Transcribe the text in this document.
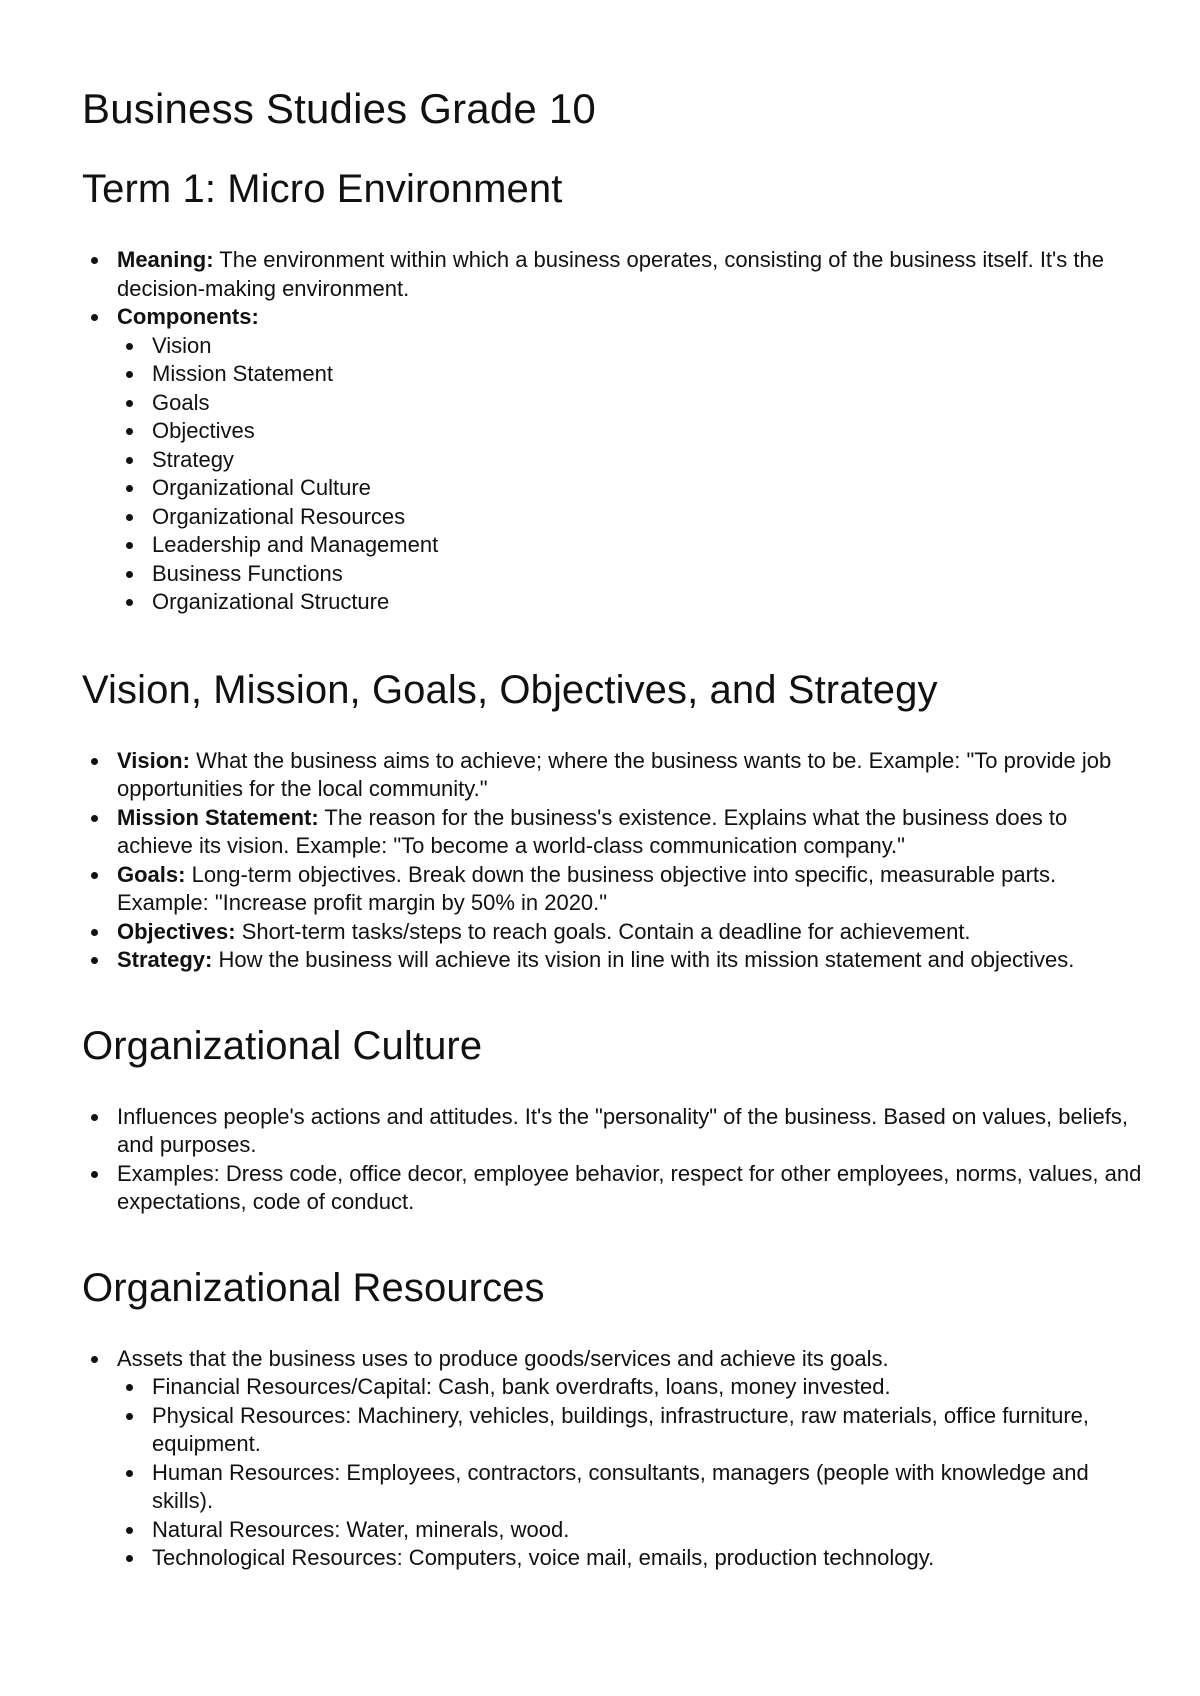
Business Studies Grade 10
Term 1: Micro Environment
Meaning: The environment within which a business operates, consisting of the business itself. It's the decision-making environment.
Components:
Vision
Mission Statement
Goals
Objectives
Strategy
Organizational Culture
Organizational Resources
Leadership and Management
Business Functions
Organizational Structure
Vision, Mission, Goals, Objectives, and Strategy
Vision: What the business aims to achieve; where the business wants to be. Example: "To provide job opportunities for the local community."
Mission Statement: The reason for the business's existence. Explains what the business does to achieve its vision. Example: "To become a world-class communication company."
Goals: Long-term objectives. Break down the business objective into specific, measurable parts. Example: "Increase profit margin by 50% in 2020."
Objectives: Short-term tasks/steps to reach goals. Contain a deadline for achievement.
Strategy: How the business will achieve its vision in line with its mission statement and objectives.
Organizational Culture
Influences people's actions and attitudes. It's the "personality" of the business. Based on values, beliefs, and purposes.
Examples: Dress code, office decor, employee behavior, respect for other employees, norms, values, and expectations, code of conduct.
Organizational Resources
Assets that the business uses to produce goods/services and achieve its goals.
Financial Resources/Capital: Cash, bank overdrafts, loans, money invested.
Physical Resources: Machinery, vehicles, buildings, infrastructure, raw materials, office furniture, equipment.
Human Resources: Employees, contractors, consultants, managers (people with knowledge and skills).
Natural Resources: Water, minerals, wood.
Technological Resources: Computers, voice mail, emails, production technology.
